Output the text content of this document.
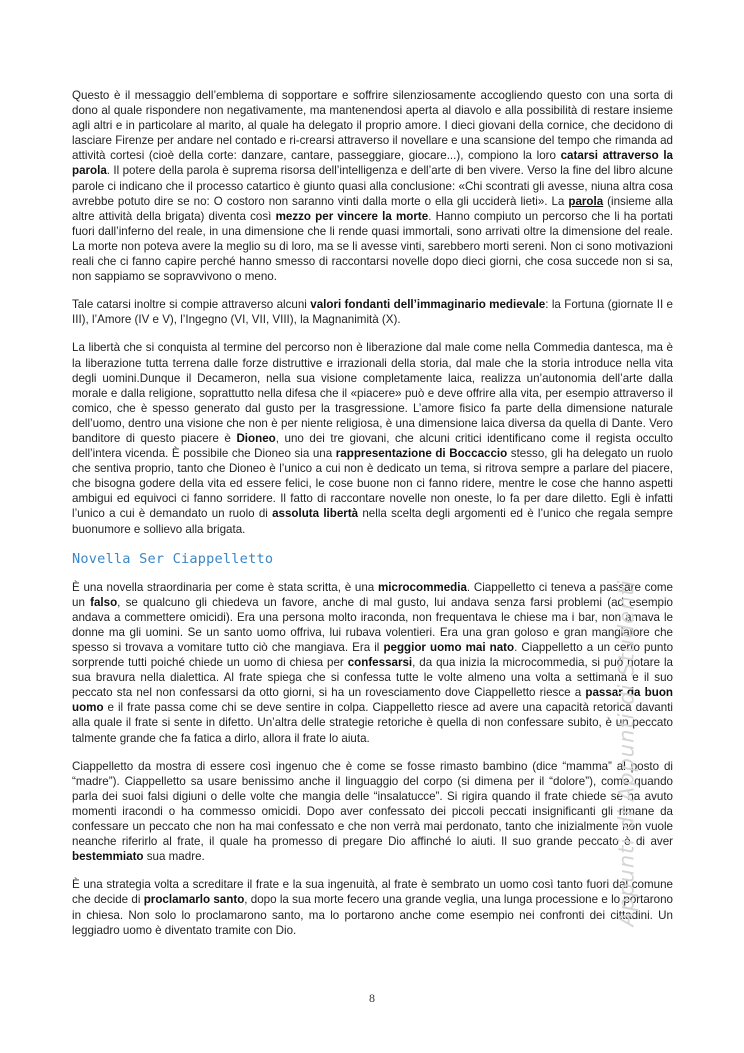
Questo è il messaggio dell’emblema di sopportare e soffrire silenziosamente accogliendo questo con una sorta di dono al quale rispondere non negativamente, ma mantenendosi aperta al diavolo e alla possibilità di restare insieme agli altri e in particolare al marito, al quale ha delegato il proprio amore. I dieci giovani della cornice, che decidono di lasciare Firenze per andare nel contado e ri-crearsi attraverso il novellare e una scansione del tempo che rimanda ad attività cortesi (cioè della corte: danzare, cantare, passeggiare, giocare...), compiono la loro catarsi attraverso la parola. Il potere della parola è suprema risorsa dell’intelligenza e dell’arte di ben vivere. Verso la fine del libro alcune parole ci indicano che il processo catartico è giunto quasi alla conclusione: «Chi scontrati gli avesse, niuna altra cosa avrebbe potuto dire se no: O costoro non saranno vinti dalla morte o ella gli ucciderà lieti». La parola (insieme alla altre attività della brigata) diventa così mezzo per vincere la morte. Hanno compiuto un percorso che li ha portati fuori dall’inferno del reale, in una dimensione che li rende quasi immortali, sono arrivati oltre la dimensione del reale. La morte non poteva avere la meglio su di loro, ma se li avesse vinti, sarebbero morti sereni. Non ci sono motivazioni reali che ci fanno capire perché hanno smesso di raccontarsi novelle dopo dieci giorni, che cosa succede non si sa, non sappiamo se sopravvivono o meno.

Tale catarsi inoltre si compie attraverso alcuni valori fondanti dell’immaginario medievale: la Fortuna (giornate II e III), l’Amore (IV e V), l’Ingegno (VI, VII, VIII), la Magnanimità (X).

La libertà che si conquista al termine del percorso non è liberazione dal male come nella Commedia dantesca, ma è la liberazione tutta terrena dalle forze distruttive e irrazionali della storia, dal male che la storia introduce nella vita degli uomini.Dunque il Decameron, nella sua visione completamente laica, realizza un’autonomia dell’arte dalla morale e dalla religione, soprattutto nella difesa che il «piacere» può e deve offrire alla vita, per esempio attraverso il comico, che è spesso generato dal gusto per la trasgressione. L’amore fisico fa parte della dimensione naturale dell’uomo, dentro una visione che non è per niente religiosa, è una dimensione laica diversa da quella di Dante. Vero banditore di questo piacere è Dioneo, uno dei tre giovani, che alcuni critici identificano come il regista occulto dell’intera vicenda. È possibile che Dioneo sia una rappresentazione di Boccaccio stesso, gli ha delegato un ruolo che sentiva proprio, tanto che Dioneo è l’unico a cui non è dedicato un tema, si ritrova sempre a parlare del piacere, che bisogna godere della vita ed essere felici, le cose buone non ci fanno ridere, mentre le cose che hanno aspetti ambigui ed equivoci ci fanno sorridere. Il fatto di raccontare novelle non oneste, lo fa per dare diletto. Egli è infatti l’unico a cui è demandato un ruolo di assoluta libertà nella scelta degli argomenti ed è l’unico che regala sempre buonumore e sollievo alla brigata.

Novella Ser Ciappelletto

È una novella straordinaria per come è stata scritta, è una microcommedia. Ciappelletto ci teneva a passare come un falso, se qualcuno gli chiedeva un favore, anche di mal gusto, lui andava senza farsi problemi (ad esempio andava a commettere omicidi). Era una persona molto iraconda, non frequentava le chiese ma i bar, non amava le donne ma gli uomini. Se un santo uomo offriva, lui rubava volentieri. Era una gran goloso e gran mangiatore che spesso si trovava a vomitare tutto ciò che mangiava. Era il peggior uomo mai nato. Ciappelletto a un certo punto sorprende tutti poiché chiede un uomo di chiesa per confessarsi, da qua inizia la microcommedia, si può notare la sua bravura nella dialettica. Al frate spiega che si confessa tutte le volte almeno una volta a settimana e il suo peccato sta nel non confessarsi da otto giorni, si ha un rovesciamento dove Ciappelletto riesce a passar da buon uomo e il frate passa come chi se deve sentire in colpa. Ciappelletto riesce ad avere una capacità retorica davanti alla quale il frate si sente in difetto. Un’altra delle strategie retoriche è quella di non confessare subito, è un peccato talmente grande che fa fatica a dirlo, allora il frate lo aiuta.

Ciappelletto da mostra di essere così ingenuo che è come se fosse rimasto bambino (dice “mamma” al posto di “madre”). Ciappelletto sa usare benissimo anche il linguaggio del corpo (si dimena per il “dolore”), come quando parla dei suoi falsi digiuni o delle volte che mangia delle “insalatucce”. Si rigira quando il frate chiede se ha avuto momenti iracondi o ha commesso omicidi. Dopo aver confessato dei piccoli peccati insignificanti gli rimane da confessare un peccato che non ha mai confessato e che non verrà mai perdonato, tanto che inizialmente non vuole neanche riferirlo al frate, il quale ha promesso di pregare Dio affinché lo aiuti. Il suo grande peccato è di aver bestemmiato sua madre.

È una strategia volta a screditare il frate e la sua ingenuità, al frate è sembrato un uomo così tanto fuori dal comune che decide di proclamarlo santo, dopo la sua morte fecero una grande veglia, una lunga processione e lo portarono in chiesa. Non solo lo proclamarono santo, ma lo portarono anche come esempio nei confronti dei cittadini. Un leggiadro uomo è diventato tramite con Dio.

Appunti di Appunti di Studenti
8
